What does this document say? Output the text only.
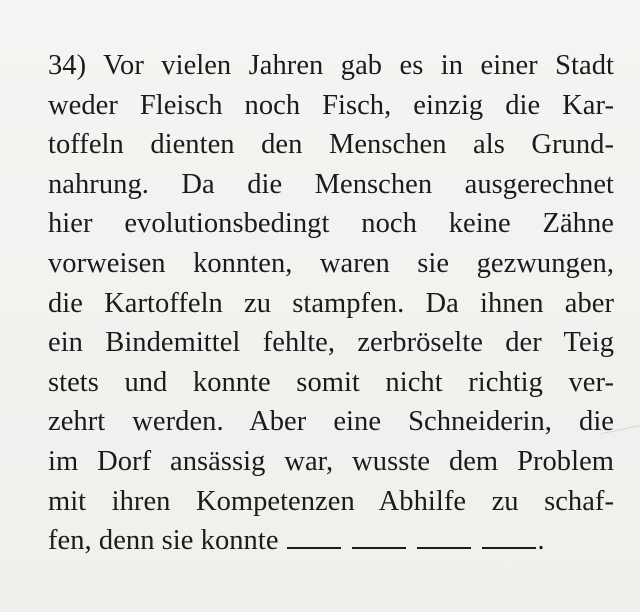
34) Vor vielen Jahren gab es in einer Stadt
weder Fleisch noch Fisch, einzig die Kar-
toffeln dienten den Menschen als Grund-
nahrung. Da die Menschen ausgerechnet
hier evolutionsbedingt noch keine Zähne
vorweisen konnten, waren sie gezwungen,
die Kartoffeln zu stampfen. Da ihnen aber
ein Bindemittel fehlte, zerbröselte der Teig
stets und konnte somit nicht richtig ver-
zehrt werden. Aber eine Schneiderin, die
im Dorf ansässig war, wusste dem Problem
mit ihren Kompetenzen Abhilfe zu schaf-
fen, denn sie konnte	.
